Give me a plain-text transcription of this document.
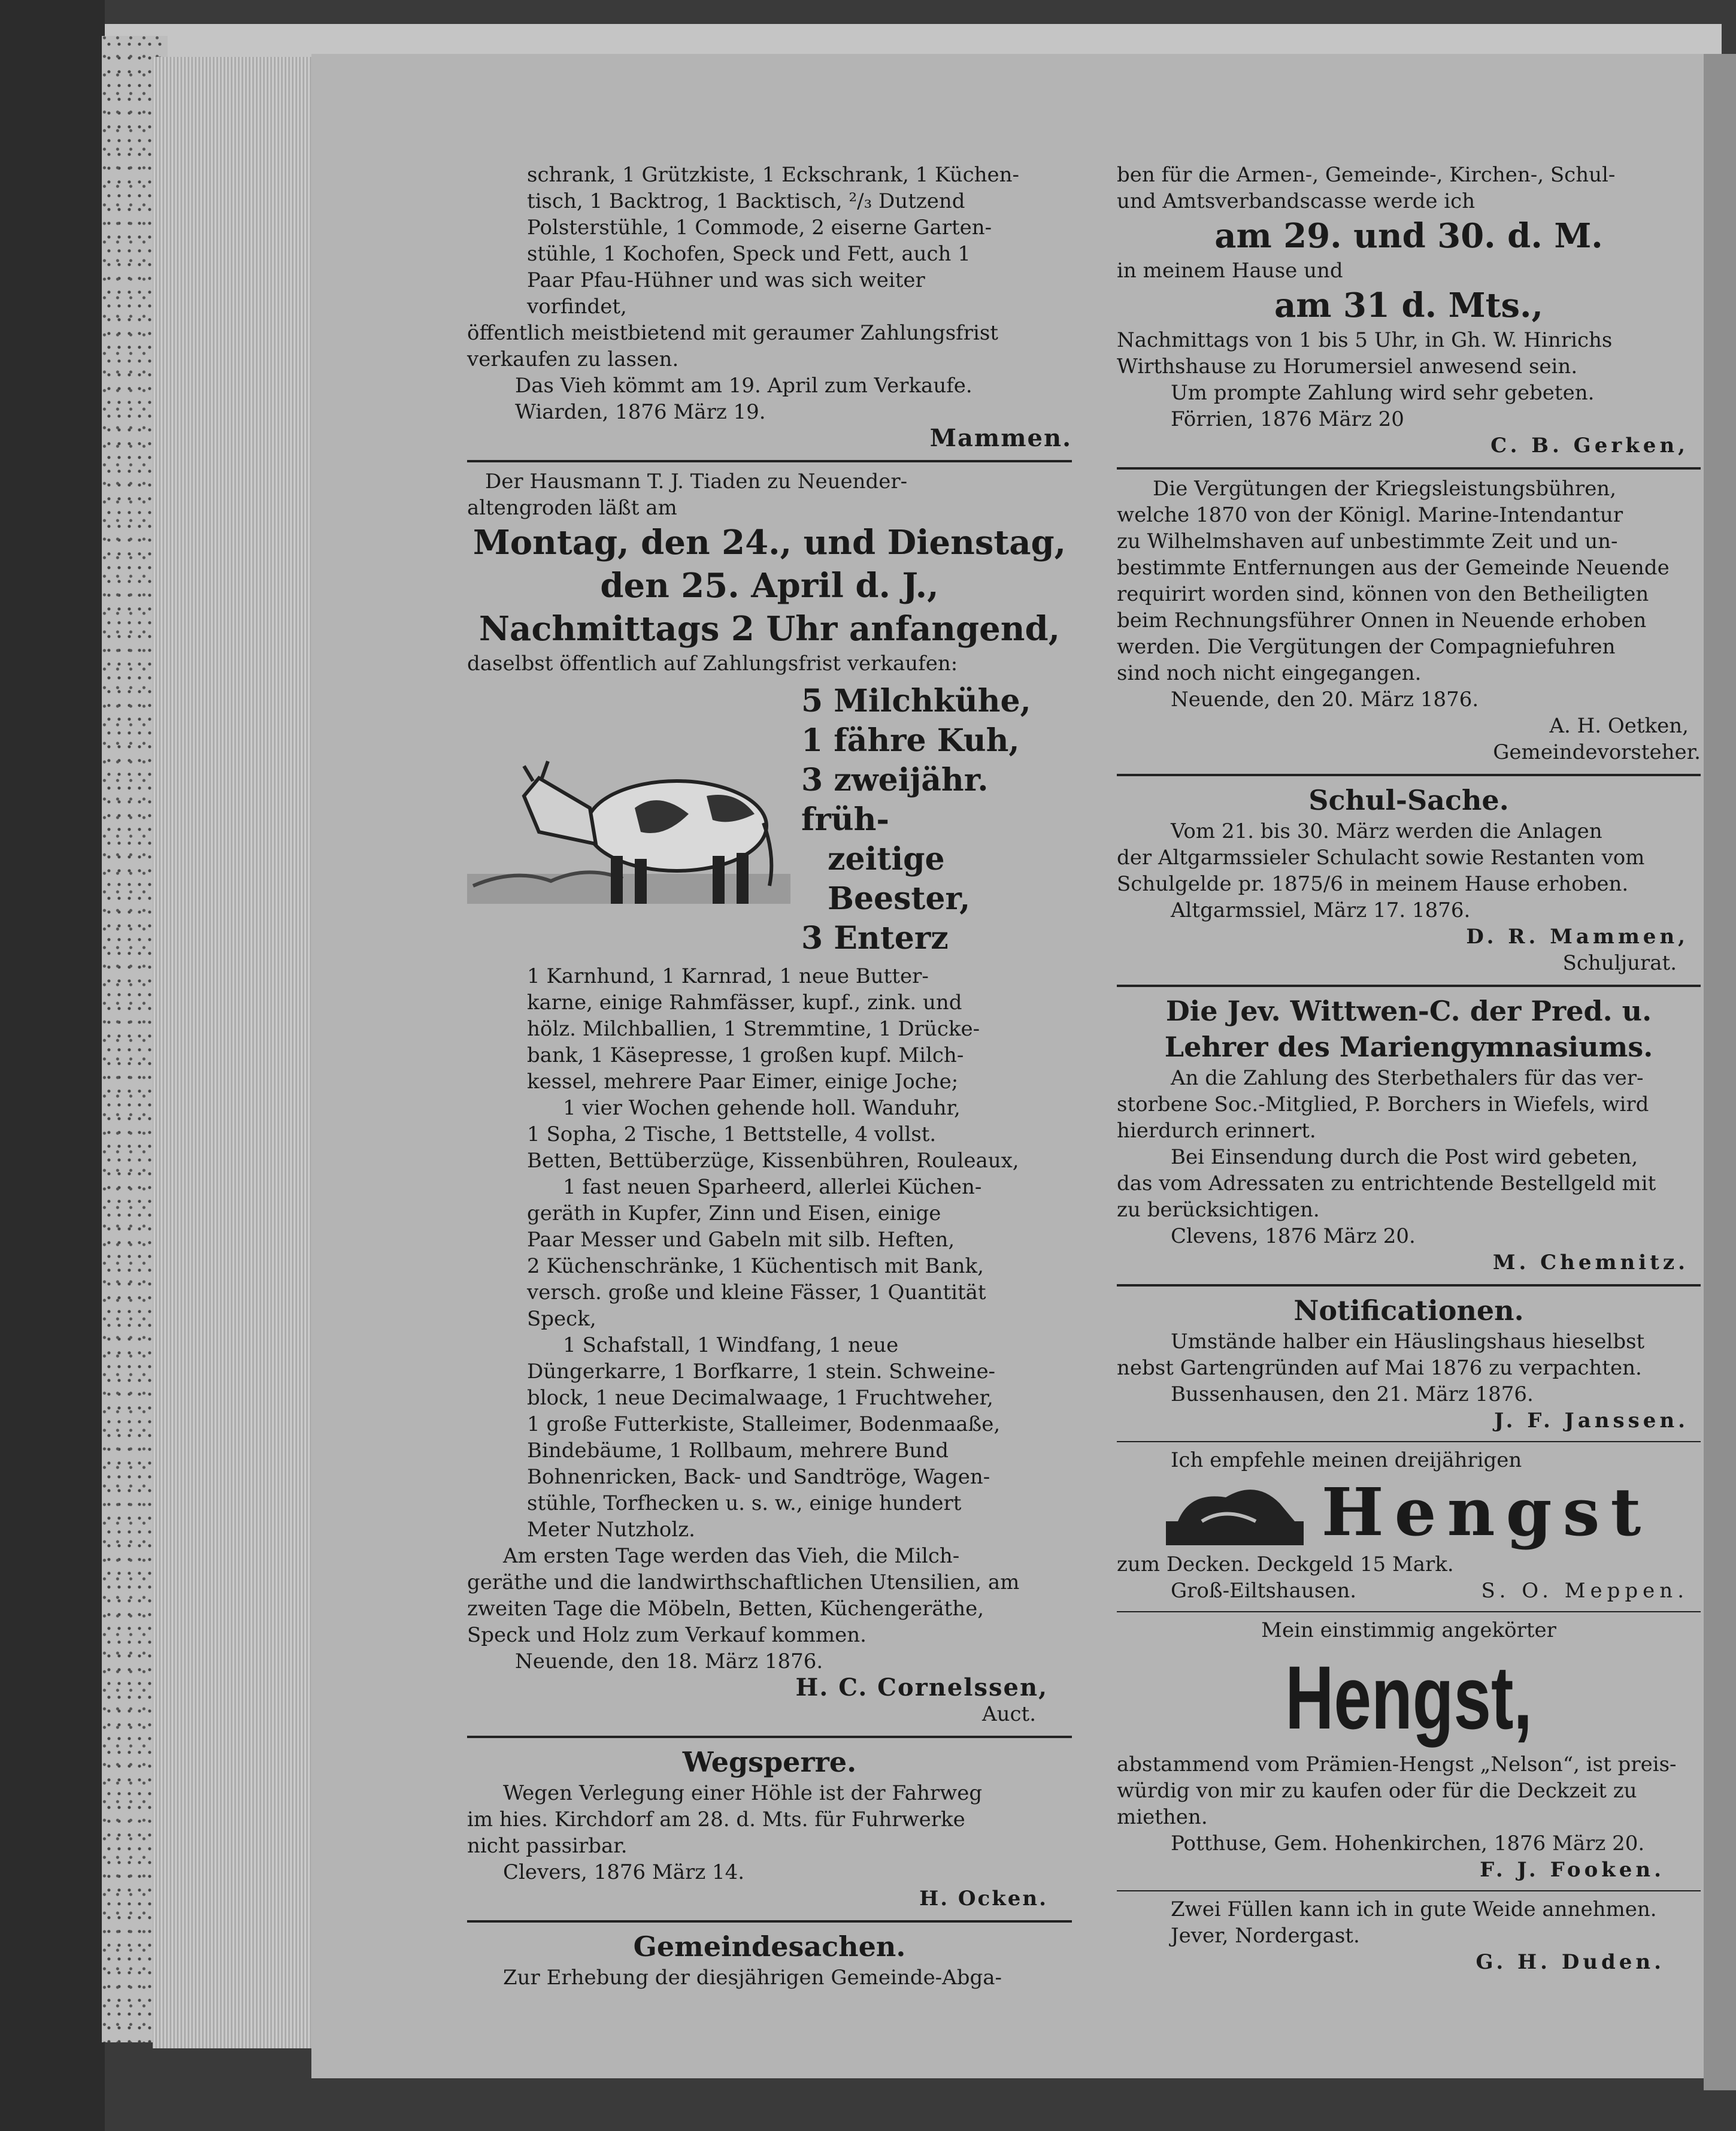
schrank, 1 Grützkiste, 1 Eckschrank, 1 Küchen-
tisch, 1 Backtrog, 1 Backtisch, ²/₃ Dutzend
Polsterstühle, 1 Commode, 2 eiserne Garten-
stühle, 1 Kochofen, Speck und Fett, auch 1
Paar Pfau-Hühner und was sich weiter
vorfindet,
öffentlich meistbietend mit geraumer Zahlungsfrist
verkaufen zu lassen.
Das Vieh kömmt am 19. April zum Verkaufe.
Wiarden, 1876 März 19.
Mammen.
Der Hausmann T. J. Tiaden zu Neuender-
altengroden läßt am
Montag, den 24., und Dienstag,
den 25. April d. J.,
Nachmittags 2 Uhr anfangend,
daselbst öffentlich auf Zahlungsfrist verkaufen:
5 Milchkühe,
1 fähre Kuh,
3 zweijähr. früh-
zeitige Beester,
3 Enterz
1 Karnhund, 1 Karnrad, 1 neue Butter-
karne, einige Rahmfässer, kupf., zink. und
hölz. Milchballien, 1 Stremmtine, 1 Drücke-
bank, 1 Käsepresse, 1 großen kupf. Milch-
kessel, mehrere Paar Eimer, einige Joche;
1 vier Wochen gehende holl. Wanduhr,
1 Sopha, 2 Tische, 1 Bettstelle, 4 vollst.
Betten, Bettüberzüge, Kissenbühren, Rouleaux,
1 fast neuen Sparheerd, allerlei Küchen-
geräth in Kupfer, Zinn und Eisen, einige
Paar Messer und Gabeln mit silb. Heften,
2 Küchenschränke, 1 Küchentisch mit Bank,
versch. große und kleine Fässer, 1 Quantität
Speck,
1 Schafstall, 1 Windfang, 1 neue
Düngerkarre, 1 Borfkarre, 1 stein. Schweine-
block, 1 neue Decimalwaage, 1 Fruchtweher,
1 große Futterkiste, Stalleimer, Bodenmaaße,
Bindebäume, 1 Rollbaum, mehrere Bund
Bohnenricken, Back- und Sandtröge, Wagen-
stühle, Torfhecken u. s. w., einige hundert
Meter Nutzholz.
Am ersten Tage werden das Vieh, die Milch-
geräthe und die landwirthschaftlichen Utensilien, am
zweiten Tage die Möbeln, Betten, Küchengeräthe,
Speck und Holz zum Verkauf kommen.
Neuende, den 18. März 1876.
H. C. Cornelssen,
Auct.
Wegsperre.
Wegen Verlegung einer Höhle ist der Fahrweg
im hies. Kirchdorf am 28. d. Mts. für Fuhrwerke
nicht passirbar.
Clevers, 1876 März 14.
H. Ocken.
Gemeindesachen.
Zur Erhebung der diesjährigen Gemeinde-Abga-
ben für die Armen-, Gemeinde-, Kirchen-, Schul-
und Amtsverbandscasse werde ich
am 29. und 30. d. M.
in meinem Hause und
am 31 d. Mts.,
Nachmittags von 1 bis 5 Uhr, in Gh. W. Hinrichs
Wirthshause zu Horumersiel anwesend sein.
Um prompte Zahlung wird sehr gebeten.
Förrien, 1876 März 20
C. B. Gerken,
Die Vergütungen der Kriegsleistungsbühren,
welche 1870 von der Königl. Marine-Intendantur
zu Wilhelmshaven auf unbestimmte Zeit und un-
bestimmte Entfernungen aus der Gemeinde Neuende
requirirt worden sind, können von den Betheiligten
beim Rechnungsführer Onnen in Neuende erhoben
werden. Die Vergütungen der Compagniefuhren
sind noch nicht eingegangen.
Neuende, den 20. März 1876.
A. H. Oetken,
Gemeindevorsteher.
Schul-Sache.
Vom 21. bis 30. März werden die Anlagen
der Altgarmssieler Schulacht sowie Restanten vom
Schulgelde pr. 1875/6 in meinem Hause erhoben.
Altgarmssiel, März 17. 1876.
D. R. Mammen,
Schuljurat.
Die Jev. Wittwen-C. der Pred. u.
Lehrer des Mariengymnasiums.
An die Zahlung des Sterbethalers für das ver-
storbene Soc.-Mitglied, P. Borchers in Wiefels, wird
hierdurch erinnert.
Bei Einsendung durch die Post wird gebeten,
das vom Adressaten zu entrichtende Bestellgeld mit
zu berücksichtigen.
Clevens, 1876 März 20.
M. Chemnitz.
Notificationen.
Umstände halber ein Häuslingshaus hieselbst
nebst Gartengründen auf Mai 1876 zu verpachten.
Bussenhausen, den 21. März 1876.
J. F. Janssen.
Ich empfehle meinen dreijährigen
Hengst
zum Decken. Deckgeld 15 Mark.
Groß-Eiltshausen.	S. O. Meppen.
Mein einstimmig angekörter
Hengst,
abstammend vom Prämien-Hengst „Nelson“, ist preis-
würdig von mir zu kaufen oder für die Deckzeit zu
miethen.
Potthuse, Gem. Hohenkirchen, 1876 März 20.
F. J. Fooken.
Zwei Füllen kann ich in gute Weide annehmen.
Jever, Nordergast.
G. H. Duden.
